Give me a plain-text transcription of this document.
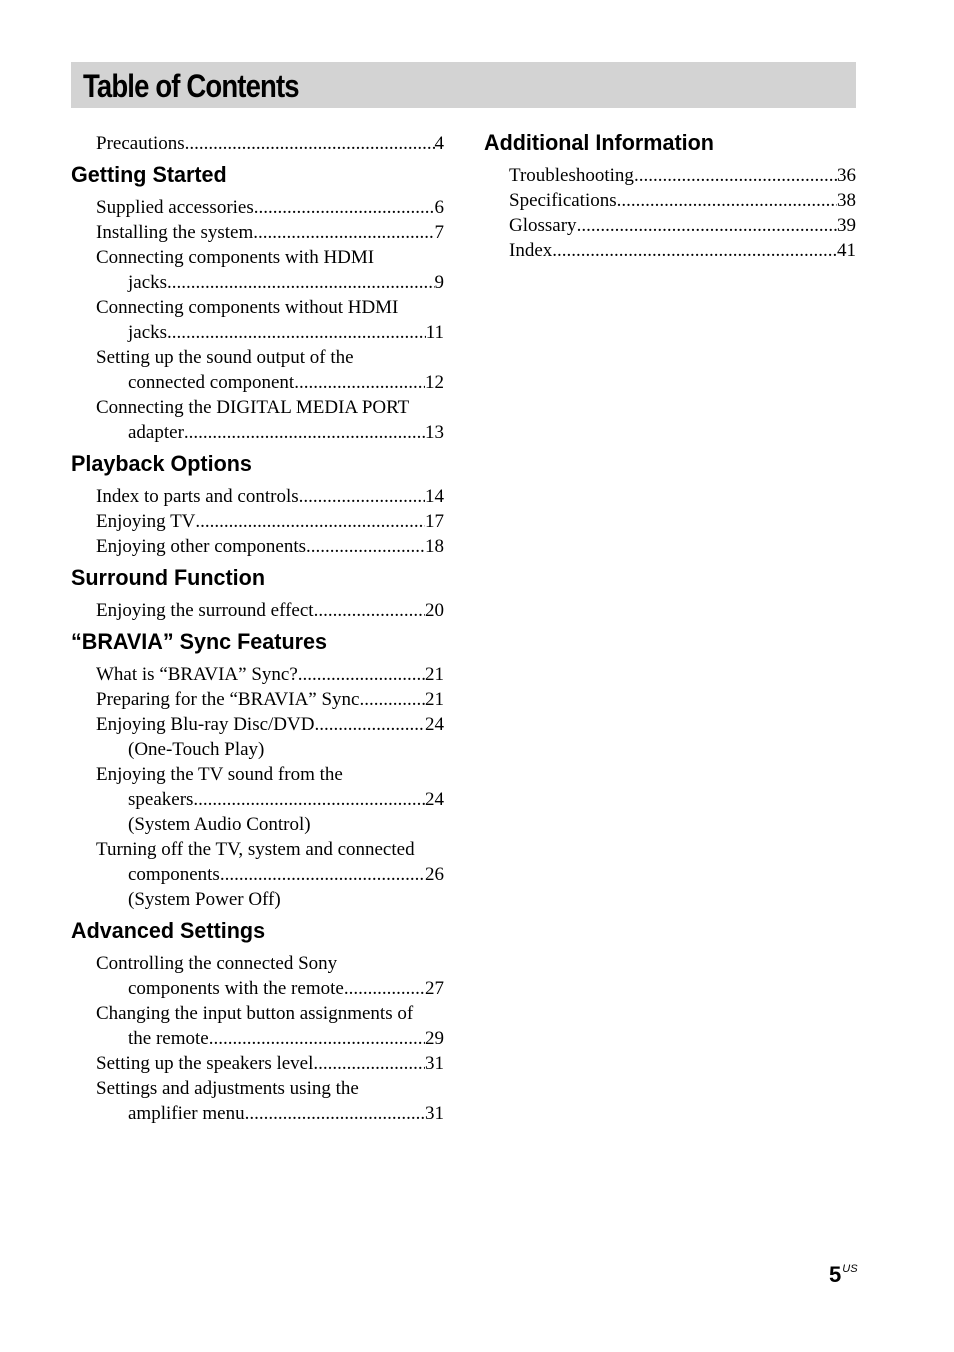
Table of Contents
Precautions .....	4
Getting Started
Supplied accessories .....	6
Installing the system .....	7
Connecting components with HDMI
jacks .....	9
Connecting components without HDMI
jacks .....	11
Setting up the sound output of the
connected component .....	12
Connecting the DIGITAL MEDIA PORT
adapter .....	13
Playback Options
Index to parts and controls .....	14
Enjoying TV .....	17
Enjoying other components .....	18
Surround Function
Enjoying the surround effect .....	20
“BRAVIA” Sync Features
What is “BRAVIA” Sync? .....	21
Preparing for the “BRAVIA” Sync .....	21
Enjoying Blu-ray Disc/DVD .....	24
(One-Touch Play)
Enjoying the TV sound from the
speakers .....	24
(System Audio Control)
Turning off the TV, system and connected
components .....	26
(System Power Off)
Advanced Settings
Controlling the connected Sony
components with the remote .....	27
Changing the input button assignments of
the remote .....	29
Setting up the speakers level .....	31
Settings and adjustments using the
amplifier menu .....	31
Additional Information
Troubleshooting .....	36
Specifications .....	38
Glossary .....	39
Index .....	41
$5^{US}$
